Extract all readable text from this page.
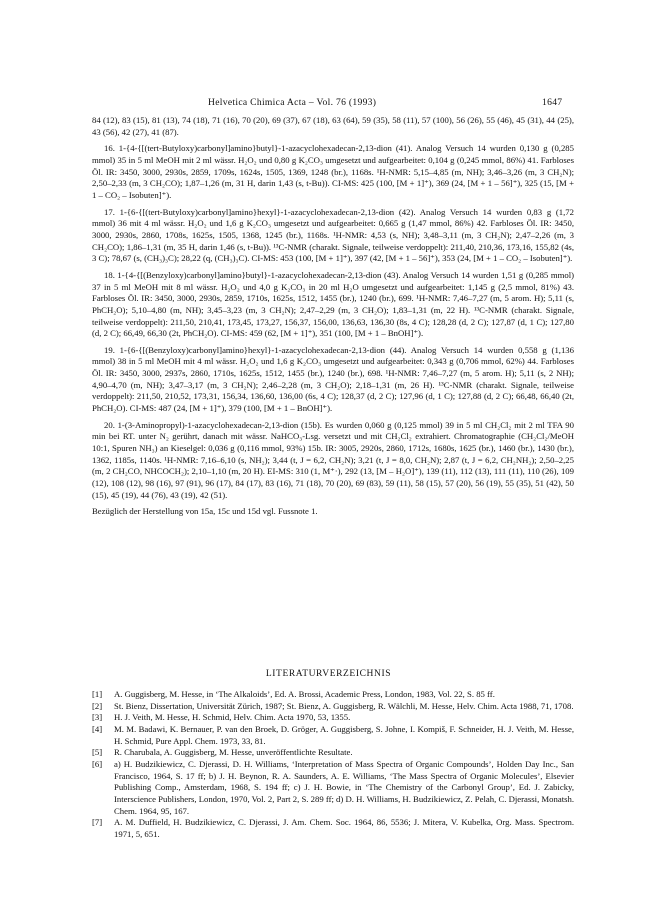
Helvetica Chimica Acta – Vol. 76 (1993)	1647

84 (12), 83 (15), 81 (13), 74 (18), 71 (16), 70 (20), 69 (37), 67 (18), 63 (64), 59 (35), 58 (11), 57 (100), 56 (26), 55 (46), 45 (31), 44 (25), 43 (56), 42 (27), 41 (87).

16. 1-{4-{[(tert-Butyloxy)carbonyl]amino}butyl}-1-azacyclohexadecan-2,13-dion (41). Analog Versuch 14 wurden 0,130 g (0,285 mmol) 35 in 5 ml MeOH mit 2 ml wässr. H₂O₂ und 0,80 g K₂CO₃ umgesetzt und aufgearbeitet: 0,104 g (0,245 mmol, 86%) 41. Farbloses Öl. IR: 3450, 3000, 2930s, 2859, 1709s, 1624s, 1505, 1369, 1248 (br.), 1168s. ¹H-NMR: 5,15–4,85 (m, NH); 3,46–3,26 (m, 3 CH₂N); 2,50–2,33 (m, 3 CH₂CO); 1,87–1,26 (m, 31 H, darin 1,43 (s, t-Bu)). CI-MS: 425 (100, [M + 1]⁺), 369 (24, [M + 1 – 56]⁺), 325 (15, [M + 1 – CO₂ – Isobuten]⁺).

17. 1-{6-{[(tert-Butyloxy)carbonyl]amino}hexyl}-1-azacyclohexadecan-2,13-dion (42). Analog Versuch 14 wurden 0,83 g (1,72 mmol) 36 mit 4 ml wässr. H₂O₂ und 1,6 g K₂CO₃ umgesetzt und aufgearbeitet: 0,665 g (1,47 mmol, 86%) 42. Farbloses Öl. IR: 3450, 3000, 2930s, 2860, 1708s, 1625s, 1505, 1368, 1245 (br.), 1168s. ¹H-NMR: 4,53 (s, NH); 3,48–3,11 (m, 3 CH₂N); 2,47–2,26 (m, 3 CH₂CO); 1,86–1,31 (m, 35 H, darin 1,46 (s, t-Bu)). ¹³C-NMR (charakt. Signale, teilweise verdoppelt): 211,40, 210,36, 173,16, 155,82 (4s, 3 C); 78,67 (s, (CH₃)₃C); 28,22 (q, (CH₃)₃C). CI-MS: 453 (100, [M + 1]⁺), 397 (42, [M + 1 – 56]⁺), 353 (24, [M + 1 – CO₂ – Isobuten]⁺).

18. 1-{4-{[(Benzyloxy)carbonyl]amino}butyl}-1-azacyclohexadecan-2,13-dion (43). Analog Versuch 14 wurden 1,51 g (0,285 mmol) 37 in 5 ml MeOH mit 8 ml wässr. H₂O₂ und 4,0 g K₂CO₃ in 20 ml H₂O umgesetzt und aufgearbeitet: 1,145 g (2,5 mmol, 81%) 43. Farbloses Öl. IR: 3450, 3000, 2930s, 2859, 1710s, 1625s, 1512, 1455 (br.), 1240 (br.), 699. ¹H-NMR: 7,46–7,27 (m, 5 arom. H); 5,11 (s, PhCH₂O); 5,10–4,80 (m, NH); 3,45–3,23 (m, 3 CH₂N); 2,47–2,29 (m, 3 CH₂O); 1,83–1,31 (m, 22 H). ¹³C-NMR (charakt. Signale, teilweise verdoppelt): 211,50, 210,41, 173,45, 173,27, 156,37, 156,00, 136,63, 136,30 (8s, 4 C); 128,28 (d, 2 C); 127,87 (d, 1 C); 127,80 (d, 2 C); 66,49, 66,30 (2t, PhCH₂O). CI-MS: 459 (62, [M + 1]⁺), 351 (100, [M + 1 – BnOH]⁺).

19. 1-{6-{[(Benzyloxy)carbonyl]amino}hexyl}-1-azacyclohexadecan-2,13-dion (44). Analog Versuch 14 wurden 0,558 g (1,136 mmol) 38 in 5 ml MeOH mit 4 ml wässr. H₂O₂ und 1,6 g K₂CO₃ umgesetzt und aufgearbeitet: 0,343 g (0,706 mmol, 62%) 44. Farbloses Öl. IR: 3450, 3000, 2937s, 2860, 1710s, 1625s, 1512, 1455 (br.), 1240 (br.), 698. ¹H-NMR: 7,46–7,27 (m, 5 arom. H); 5,11 (s, 2 NH); 4,90–4,70 (m, NH); 3,47–3,17 (m, 3 CH₂N); 2,46–2,28 (m, 3 CH₂O); 2,18–1,31 (m, 26 H). ¹³C-NMR (charakt. Signale, teilweise verdoppelt): 211,50, 210,52, 173,31, 156,34, 136,60, 136,00 (6s, 4 C); 128,37 (d, 2 C); 127,96 (d, 1 C); 127,88 (d, 2 C); 66,48, 66,40 (2t, PhCH₂O). CI-MS: 487 (24, [M + 1]⁺), 379 (100, [M + 1 – BnOH]⁺).

20. 1-(3-Aminopropyl)-1-azacyclohexadecan-2,13-dion (15b). Es wurden 0,060 g (0,125 mmol) 39 in 5 ml CH₂Cl₂ mit 2 ml TFA 90 min bei RT. unter N₂ gerührt, danach mit wässr. NaHCO₃-Lsg. versetzt und mit CH₂Cl₂ extrahiert. Chromatographie (CH₂Cl₂/MeOH 10:1, Spuren NH₃) an Kieselgel: 0,036 g (0,116 mmol, 93%) 15b. IR: 3005, 2920s, 2860, 1712s, 1680s, 1625 (br.), 1460 (br.), 1430 (br.), 1362, 1185s, 1140s. ¹H-NMR: 7,16–6,10 (s, NH₂); 3,44 (t, J = 6,2, CH₂N); 3,21 (t, J = 8,0, CH₂N); 2,87 (t, J = 6,2, CH₂NH₂); 2,50–2,25 (m, 2 CH₂CO, NHCOCH₂); 2,10–1,10 (m, 20 H). EI-MS: 310 (1, M⁺·), 292 (13, [M – H₂O]⁺), 139 (11), 112 (13), 111 (11), 110 (26), 109 (12), 108 (12), 98 (16), 97 (91), 96 (17), 84 (17), 83 (16), 71 (18), 70 (20), 69 (83), 59 (11), 58 (15), 57 (20), 56 (19), 55 (35), 51 (42), 50 (15), 45 (19), 44 (76), 43 (19), 42 (51).

Bezüglich der Herstellung von 15a, 15c und 15d vgl. Fussnote 1.

LITERATURVERZEICHNIS
[1] A. Guggisberg, M. Hesse, in ‘The Alkaloids’, Ed. A. Brossi, Academic Press, London, 1983, Vol. 22, S. 85 ff.
[2] St. Bienz, Dissertation, Universität Zürich, 1987; St. Bienz, A. Guggisberg, R. Wälchli, M. Hesse, Helv. Chim. Acta 1988, 71, 1708.
[3] H. J. Veith, M. Hesse, H. Schmid, Helv. Chim. Acta 1970, 53, 1355.
[4] M. M. Badawi, K. Bernauer, P. van den Broek, D. Gröger, A. Guggisberg, S. Johne, I. Kompiš, F. Schneider, H. J. Veith, M. Hesse, H. Schmid, Pure Appl. Chem. 1973, 33, 81.
[5] R. Charubala, A. Guggisberg, M. Hesse, unveröffentlichte Resultate.
[6] a) H. Budzikiewicz, C. Djerassi, D. H. Williams, ‘Interpretation of Mass Spectra of Organic Compounds’, Holden Day Inc., San Francisco, 1964, S. 17 ff; b) J. H. Beynon, R. A. Saunders, A. E. Williams, ‘The Mass Spectra of Organic Molecules’, Elsevier Publishing Comp., Amsterdam, 1968, S. 194 ff; c) J. H. Bowie, in ‘The Chemistry of the Carbonyl Group’, Ed. J. Zabicky, Interscience Publishers, London, 1970, Vol. 2, Part 2, S. 289 ff; d) D. H. Williams, H. Budzikiewicz, Z. Pelah, C. Djerassi, Monatsh. Chem. 1964, 95, 167.
[7] A. M. Duffield, H. Budzikiewicz, C. Djerassi, J. Am. Chem. Soc. 1964, 86, 5536; J. Mitera, V. Kubelka, Org. Mass. Spectrom. 1971, 5, 651.
